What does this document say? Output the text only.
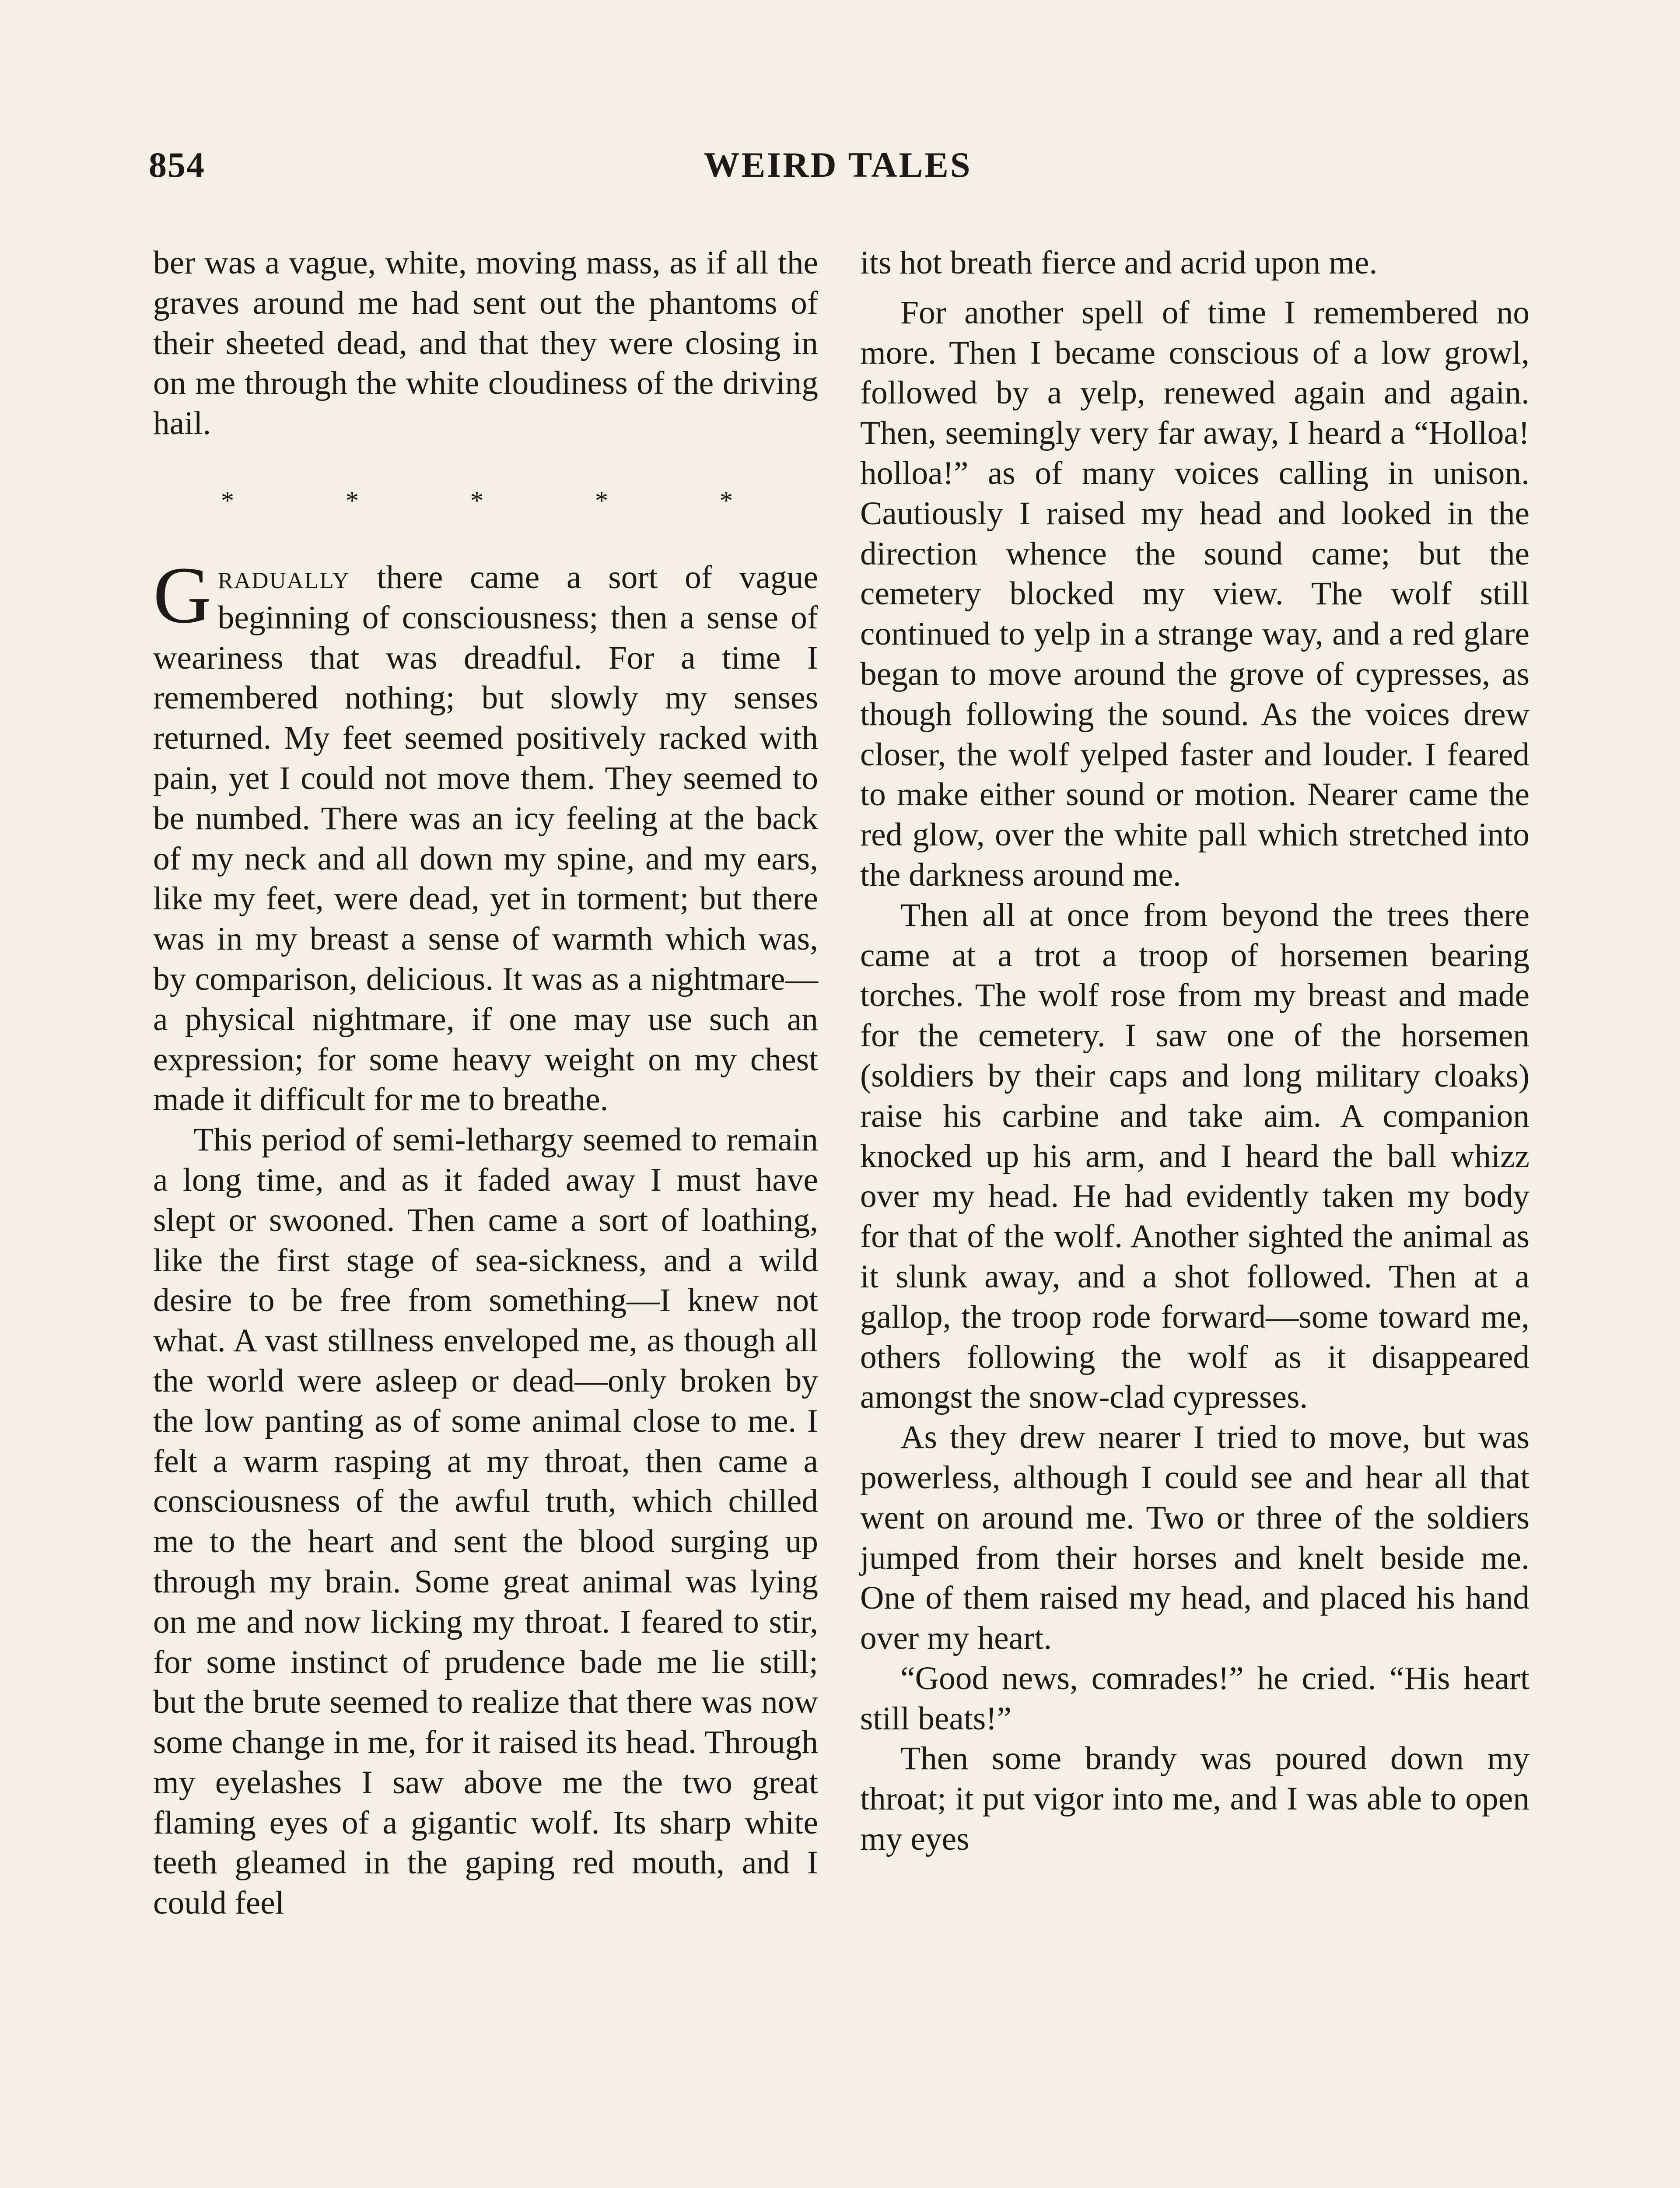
854	WEIRD TALES

ber was a vague, white, moving mass, as if all the graves around me had sent out the phantoms of their sheeted dead, and that they were closing in on me through the white cloudiness of the driving hail.

* * * * *

Gradually there came a sort of vague beginning of consciousness; then a sense of weariness that was dreadful. For a time I remembered nothing; but slowly my senses returned. My feet seemed positively racked with pain, yet I could not move them. They seemed to be numbed. There was an icy feeling at the back of my neck and all down my spine, and my ears, like my feet, were dead, yet in torment; but there was in my breast a sense of warmth which was, by comparison, delicious. It was as a nightmare—a physical nightmare, if one may use such an expression; for some heavy weight on my chest made it difficult for me to breathe.

This period of semi-lethargy seemed to remain a long time, and as it faded away I must have slept or swooned. Then came a sort of loathing, like the first stage of sea-sickness, and a wild desire to be free from something—I knew not what. A vast stillness enveloped me, as though all the world were asleep or dead—only broken by the low panting as of some animal close to me. I felt a warm rasping at my throat, then came a consciousness of the awful truth, which chilled me to the heart and sent the blood surging up through my brain. Some great animal was lying on me and now licking my throat. I feared to stir, for some instinct of prudence bade me lie still; but the brute seemed to realize that there was now some change in me, for it raised its head. Through my eyelashes I saw above me the two great flaming eyes of a gigantic wolf. Its sharp white teeth gleamed in the gaping red mouth, and I could feel

its hot breath fierce and acrid upon me.

For another spell of time I remembered no more. Then I became conscious of a low growl, followed by a yelp, renewed again and again. Then, seemingly very far away, I heard a “Holloa! holloa!” as of many voices calling in unison. Cautiously I raised my head and looked in the direction whence the sound came; but the cemetery blocked my view. The wolf still continued to yelp in a strange way, and a red glare began to move around the grove of cypresses, as though following the sound. As the voices drew closer, the wolf yelped faster and louder. I feared to make either sound or motion. Nearer came the red glow, over the white pall which stretched into the darkness around me.

Then all at once from beyond the trees there came at a trot a troop of horsemen bearing torches. The wolf rose from my breast and made for the cemetery. I saw one of the horsemen (soldiers by their caps and long military cloaks) raise his carbine and take aim. A companion knocked up his arm, and I heard the ball whizz over my head. He had evidently taken my body for that of the wolf. Another sighted the animal as it slunk away, and a shot followed. Then at a gallop, the troop rode forward—some toward me, others following the wolf as it disappeared amongst the snow-clad cypresses.

As they drew nearer I tried to move, but was powerless, although I could see and hear all that went on around me. Two or three of the soldiers jumped from their horses and knelt beside me. One of them raised my head, and placed his hand over my heart.

“Good news, comrades!” he cried. “His heart still beats!”

Then some brandy was poured down my throat; it put vigor into me, and I was able to open my eyes
